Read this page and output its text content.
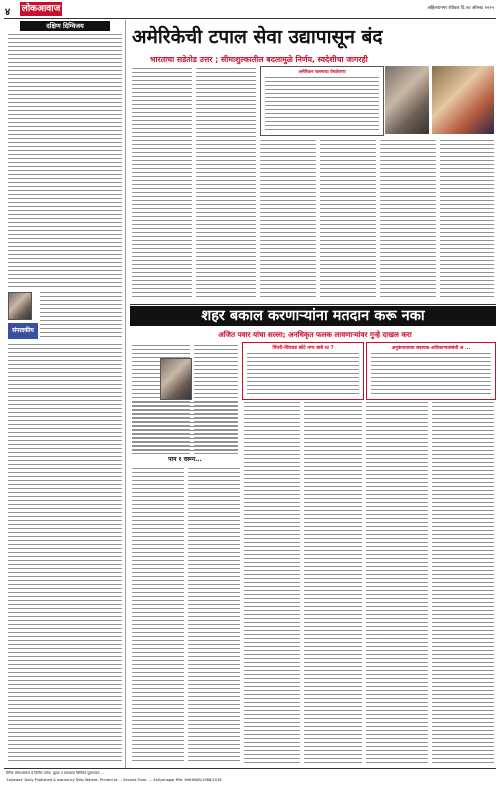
४ लोकआवाज	अहिल्यानगर रविवार दि.२४ ऑगस्ट २०२५
दक्षिण दिग्विजय
संपादकीय
अमेरिकेची टपाल सेवा उद्यापासून बंद
भारताचा सडेतोड उत्तर ; सीमाशुल्कातील बदलामुळे निर्णय, स्वदेशीचा जागरही
अमेरिकन चलनाचा वेगळेपणा
शहर बकाल करणाऱ्यांना मतदान करू नका
अजित पवार यांचा सल्ला; अनधिकृत फलक लावणाऱ्यांवर गुन्हे दाखल करा
पिंपरी-चिंचवड छोटे नगर बाबे रट ?	अनुकंपाधारक सहायक-अधिकार्‍यासंबंधी अ ...
पान १ वरून...
दैनिक लोकआवाज हे दिलीप वर्तक, मुद्रक व प्रकाशक लिमिटेड मुद्रणालय ...
'Lokawaz' Daily Published & owned by Dilip Wartak, Printed at ... Second Floor, ... Ahilyanagar RNI: MAHMAR/1988/2016
